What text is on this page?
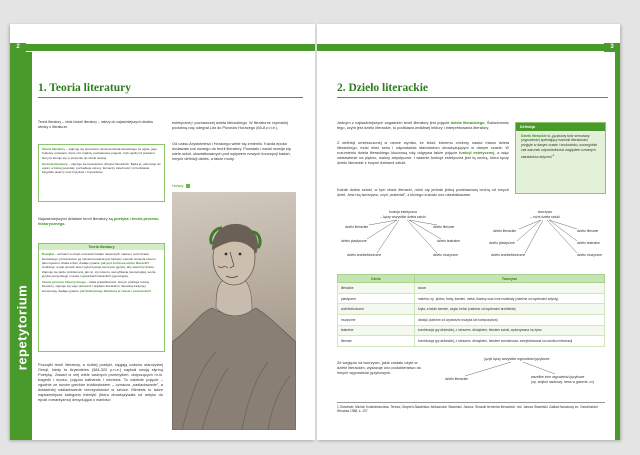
2
repetytorium
1. Teoria literatury
Teoria literatury – obok historii literatury – należy do najważniejszych działów wiedzy o literaturze.

Teoria literatury – zajmuje się sposobem istnienia dzieła literackiego (w ogóle, jego budową i prawami, które nim rządzą, podstawowe pojęcia, czyli ogólnymi prawami, którymi kieruje się w stosunku do sztuki słowa).

Historia literatury – zajmuje się kontekstem dziejów literackich. Bada je, odnosząc do epoki, w której powstały, porządkuje okresy, tłumaczy zależności i przedstawia biografie pisarzy oraz krytyków i czytelników.

Najważniejszymi działami teorii literatury są poetyka i teoria procesu historycznego.
Teoria literatury

Poetyka – wchodzi w obręb rozważań badań naukowych nauką o teorii dzieła literackiego; przedmiotem jej zainteresowania jest funkcja i sposób istnienia utworu jako wytworu dzieła sztuki. Zadaje pytanie: jak jest zrobione utwór literacki? Analizuje, w jaki sposób autor wykorzystuje tworzywo (język), aby stworzyć dzieło. Zajmuje się także problemami, jak np. styl utworu, wersyfikacja (wersologia), teoria języka poetyckiego i nauka o gatunkach literackich (genologia).

Teoria procesu historycznego – bada prawidłowości, którym podlega rozwój literatury, zajmuje się więc okresami i prądami literackimi, literacką tradycją i konwencją. Zadaje pytanie: jak funkcjonuje literatura w czasie i przestrzeni?

Początki teorii literatury, a ściślej poetyki, sięgają czasów starożytnej Grecji, kiedy to Arystoteles (384-322 p.n.e.) napisał swoją słynną Poetykę. Zawarł w niej wiele ważnych przemyśleń, dotyczących m.in. tragedii i eposu, pojęcia katharsis i mimesis. To ostatnie pojęcie – zgodnie ze swoim greckim źródłosłowem – oznacza „naśladowanie", a dokładniej naśladowanie rzeczywistości w sztuce. Mimesis to także najważniejsza kategoria estetyki (która obowiązywała od antyku do epoki romantyzmu) decydująca o wartości
estetycznej i poznawczej dzieła literackiego. W literaturze rzymskiej podobną rolę odegrał List do Pizonów Horacego (65-8 p.n.e.).
Od czasu Arystotelesa i Horacego wiele się zmieniło. Każda epoka dodawała coś nowego do teorii literatury. Powstało i nadal rozwija się wiele szkół, ukształtowanych pod wpływem nowych koncepcji badań, innych definicji dzieła, a także mody.
Horacy
3
2. Dzieło literackie
Jednym z najważniejszych zagadnień teorii literatury jest pojęcie dzieła literackiego. Świadomość tego, czym jest dzieło literackie, to podstawa wnikliwej lektury i interpretowania literatury.
Z definicji umieszczonej w ramce wynika, że tekst, któremu chcemy nadać miano dzieła literackiego, musi mieć sens i odpowiadać standardom obowiązującym w danym czasie. W rozumieniu dzieła literackiego kluczową rolę odgrywa także pojęcie funkcji estetycznej, a więc nastawienie na piękno, walory artystyczne. I właśnie funkcja estetyczna jest tą cechą, która łączy dzieło literackie z innymi dziełami sztuki.
Każde dzieło sztuki, w tym utwór literacki, różni się jednak jedną podstawową cechą od innych dzieł. Jest nią tworzywo, czyli „materiał", z którego zostało ono ukształtowane.
Definicja
Dzieło literackie to „językowy twór sensowny (wypowiedź) spełniający warunki literackości przyjęte w danym czasie i środowisku, szczególnie zaś warunek odpowiedniości względem uznanych standardów artyzmu"$^1$
funkcja estetyczna
– łączy wszystkie dzieła sztuki
dzieło literackie	dzieło filmowe
dzieło plastyczne	dzieło teatralne
dzieło architektoniczne	dzieło muzyczne
tworzywo
– różni dzieła sztuki
dzieło literackie	dzieło filmowe
dzieło plastyczne	dzieło teatralne
dzieło architektoniczne	dzieło muzyczne
Dzieło	Tworzywo
literackie	słowo
plastyczne	materia, np. płótno, farby, kamień, metal, tkaniny oraz inne materiały (zależne od wyobraźni artysty)
architektoniczne	bryła, a także kamień, cegła, beton (zależne od wyobraźni architekta)
muzyczne	dźwięk (zależne od wyobraźni muzyka lub kompozytora)
teatralne	kombinacja gry aktorskiej, z obrazem, dźwiękiem, tekstem sztuki, wykonywana na żywo
filmowe	kombinacja gry aktorskiej, z obrazem, dźwiękiem, tekstem scenariusza, zarejestrowana na nośniku informacji
Ze względu na tworzywo, jakie zostało użyte w dziele literackim, wykazuje ono podobieństwo do innych wypowiedzi językowych.
język łączy wszystkie wypowiedzi językowe
dzieło literackie	wszelkie inne wypowiedzi językowe
(np. artykuł naukowy, news w gazecie, cv)
1 Głowiński, Michał; Kostkiewiczowa, Teresa; Okopień-Sławińska, Aleksandra; Sławiński, Janusz. Słownik terminów literackich, red. Janusz Sławiński, Zakład Narodowy im. Ossolińskich, Wrocław 1988, s. 107.
